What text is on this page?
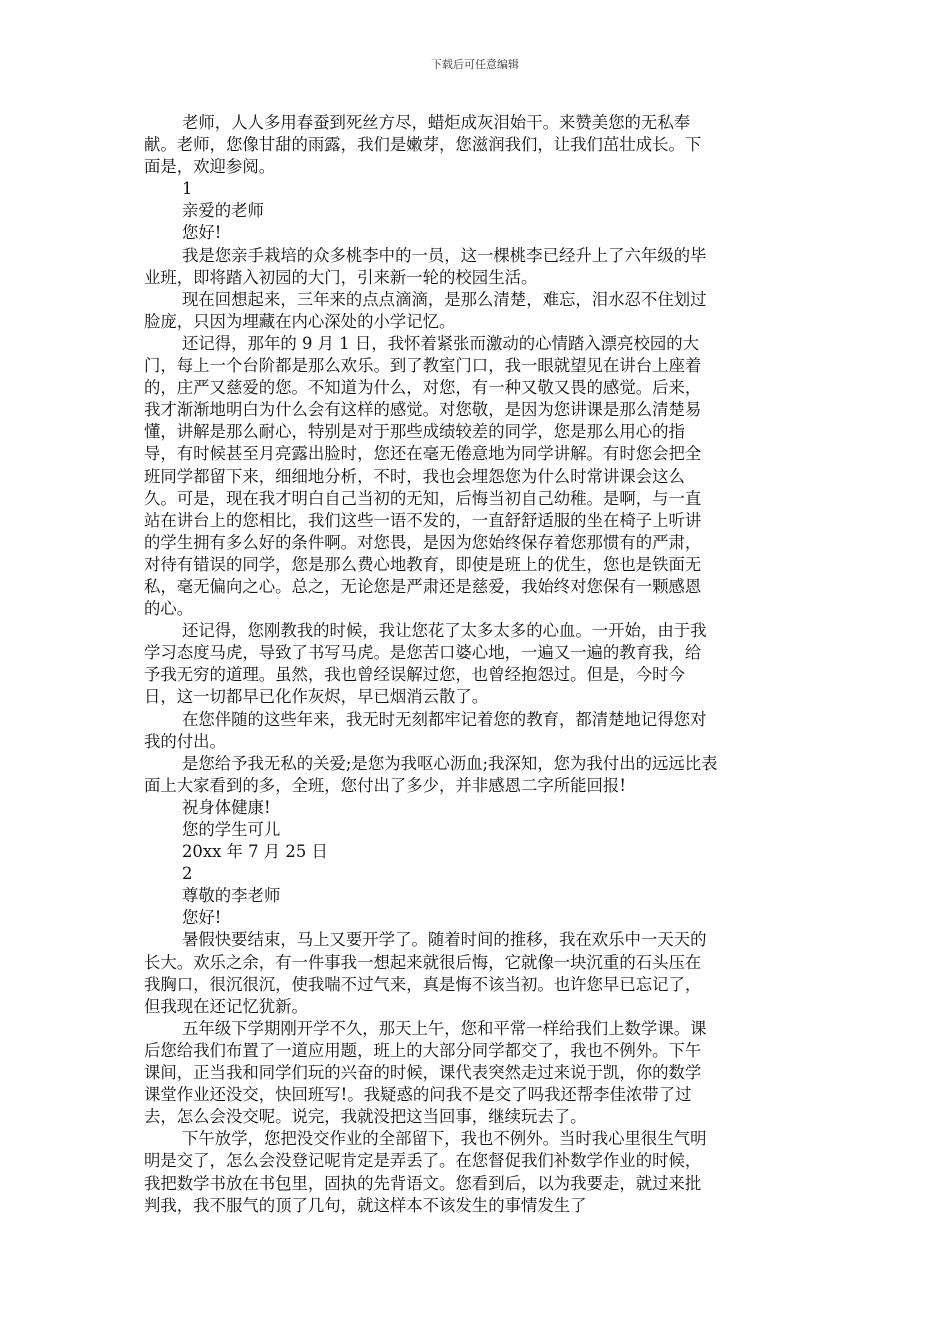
下载后可任意编辑
老师，人人多用春蚕到死丝方尽，蜡炬成灰泪始干。来赞美您的无私奉
献。老师，您像甘甜的雨露，我们是嫩芽，您滋润我们，让我们茁壮成长。下
面是，欢迎参阅。
1
亲爱的老师
您好!
我是您亲手栽培的众多桃李中的一员，这一棵桃李已经升上了六年级的毕
业班，即将踏入初园的大门，引来新一轮的校园生活。
现在回想起来，三年来的点点滴滴，是那么清楚，难忘，泪水忍不住划过
脸庞，只因为埋藏在内心深处的小学记忆。
还记得，那年的 9 月 1 日，我怀着紧张而激动的心情踏入漂亮校园的大
门，每上一个台阶都是那么欢乐。到了教室门口，我一眼就望见在讲台上座着
的，庄严又慈爱的您。不知道为什么，对您，有一种又敬又畏的感觉。后来，
我才渐渐地明白为什么会有这样的感觉。对您敬，是因为您讲课是那么清楚易
懂，讲解是那么耐心，特别是对于那些成绩较差的同学，您是那么用心的指
导，有时候甚至月亮露出脸时，您还在毫无倦意地为同学讲解。有时您会把全
班同学都留下来，细细地分析，不时，我也会埋怨您为什么时常讲课会这么
久。可是，现在我才明白自己当初的无知，后悔当初自己幼稚。是啊，与一直
站在讲台上的您相比，我们这些一语不发的，一直舒舒适服的坐在椅子上听讲
的学生拥有多么好的条件啊。对您畏，是因为您始终保存着您那惯有的严肃，
对待有错误的同学，您是那么费心地教育，即使是班上的优生，您也是铁面无
私，毫无偏向之心。总之，无论您是严肃还是慈爱，我始终对您保有一颗感恩
的心。
还记得，您刚教我的时候，我让您花了太多太多的心血。一开始，由于我
学习态度马虎，导致了书写马虎。是您苦口婆心地，一遍又一遍的教育我，给
予我无穷的道理。虽然，我也曾经误解过您，也曾经抱怨过。但是，今时今
日，这一切都早已化作灰烬，早已烟消云散了。
在您伴随的这些年来，我无时无刻都牢记着您的教育，都清楚地记得您对
我的付出。
是您给予我无私的关爱;是您为我呕心沥血;我深知，您为我付出的远远比表
面上大家看到的多，全班，您付出了多少，并非感恩二字所能回报!
祝身体健康!
您的学生可儿
20xx 年 7 月 25 日
2
尊敬的李老师
您好!
暑假快要结束，马上又要开学了。随着时间的推移，我在欢乐中一天天的
长大。欢乐之余，有一件事我一想起来就很后悔，它就像一块沉重的石头压在
我胸口，很沉很沉，使我喘不过气来，真是悔不该当初。也许您早已忘记了，
但我现在还记忆犹新。
五年级下学期刚开学不久，那天上午，您和平常一样给我们上数学课。课
后您给我们布置了一道应用题，班上的大部分同学都交了，我也不例外。下午
课间，正当我和同学们玩的兴奋的时候，课代表突然走过来说于凯，你的数学
课堂作业还没交，快回班写!。我疑惑的问我不是交了吗我还帮李佳浓带了过
去，怎么会没交呢。说完，我就没把这当回事，继续玩去了。
下午放学，您把没交作业的全部留下，我也不例外。当时我心里很生气明
明是交了，怎么会没登记呢肯定是弄丢了。在您督促我们补数学作业的时候，
我把数学书放在书包里，固执的先背语文。您看到后，以为我要走，就过来批
判我，我不服气的顶了几句，就这样本不该发生的事情发生了
